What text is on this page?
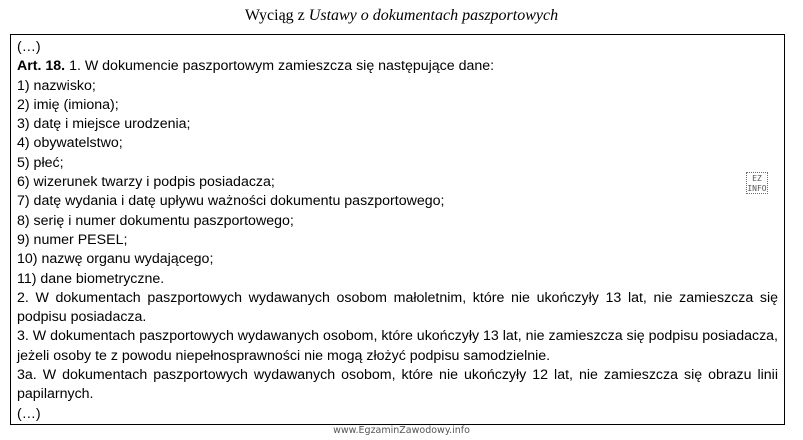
Wyciąg z Ustawy o dokumentach paszportowych
(…)
Art. 18. 1. W dokumencie paszportowym zamieszcza się następujące dane:
1) nazwisko;
2) imię (imiona);
3) datę i miejsce urodzenia;
4) obywatelstwo;
5) płeć;
6) wizerunek twarzy i podpis posiadacza;
7) datę wydania i datę upływu ważności dokumentu paszportowego;
8) serię i numer dokumentu paszportowego;
9) numer PESEL;
10) nazwę organu wydającego;
11) dane biometryczne.
2. W dokumentach paszportowych wydawanych osobom małoletnim, które nie ukończyły 13 lat, nie zamieszcza się podpisu posiadacza.
3. W dokumentach paszportowych wydawanych osobom, które ukończyły 13 lat, nie zamieszcza się podpisu posiadacza, jeżeli osoby te z powodu niepełnosprawności nie mogą złożyć podpisu samodzielnie.
3a. W dokumentach paszportowych wydawanych osobom, które nie ukończyły 12 lat, nie zamieszcza się obrazu linii papilarnych.
(…)
EZ
INFO
www.EgzaminZawodowy.info
